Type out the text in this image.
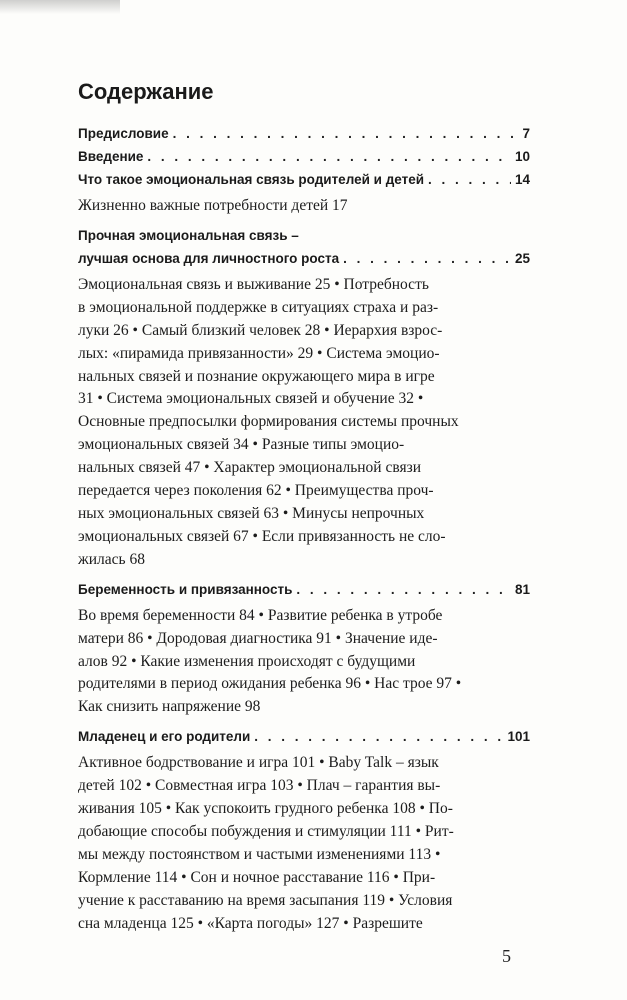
Содержание
Предисловие . . .	7
Введение . . .	10
Что такое эмоциональная связь родителей и детей . . .	14
Жизненно важные потребности детей 17
Прочная эмоциональная связь –
лучшая основа для личностного роста . . .	25
Эмоциональная связь и выживание 25 • Потребность
в эмоциональной поддержке в ситуациях страха и раз-
луки 26 • Самый близкий человек 28 • Иерархия взрос-
лых: «пирамида привязанности» 29 • Система эмоцио-
нальных связей и познание окружающего мира в игре
31 • Система эмоциональных связей и обучение 32 •
Основные предпосылки формирования системы прочных
эмоциональных связей 34 • Разные типы эмоцио-
нальных связей 47 • Характер эмоциональной связи
передается через поколения 62 • Преимущества проч-
ных эмоциональных связей 63 • Минусы непрочных
эмоциональных связей 67 • Если привязанность не сло-
жилась 68
Беременность и привязанность . . .	81
Во время беременности 84 • Развитие ребенка в утробе
матери 86 • Дородовая диагностика 91 • Значение иде-
алов 92 • Какие изменения происходят с будущими
родителями в период ожидания ребенка 96 • Нас трое 97 •
Как снизить напряжение 98
Младенец и его родители . . .	101
Активное бодрствование и игра 101 • Baby Talk – язык
детей 102 • Совместная игра 103 • Плач – гарантия вы-
живания 105 • Как успокоить грудного ребенка 108 • По-
добающие способы побуждения и стимуляции 111 • Рит-
мы между постоянством и частыми изменениями 113 •
Кормление 114 • Сон и ночное расставание 116 • При-
учение к расставанию на время засыпания 119 • Условия
сна младенца 125 • «Карта погоды» 127 • Разрешите
5
